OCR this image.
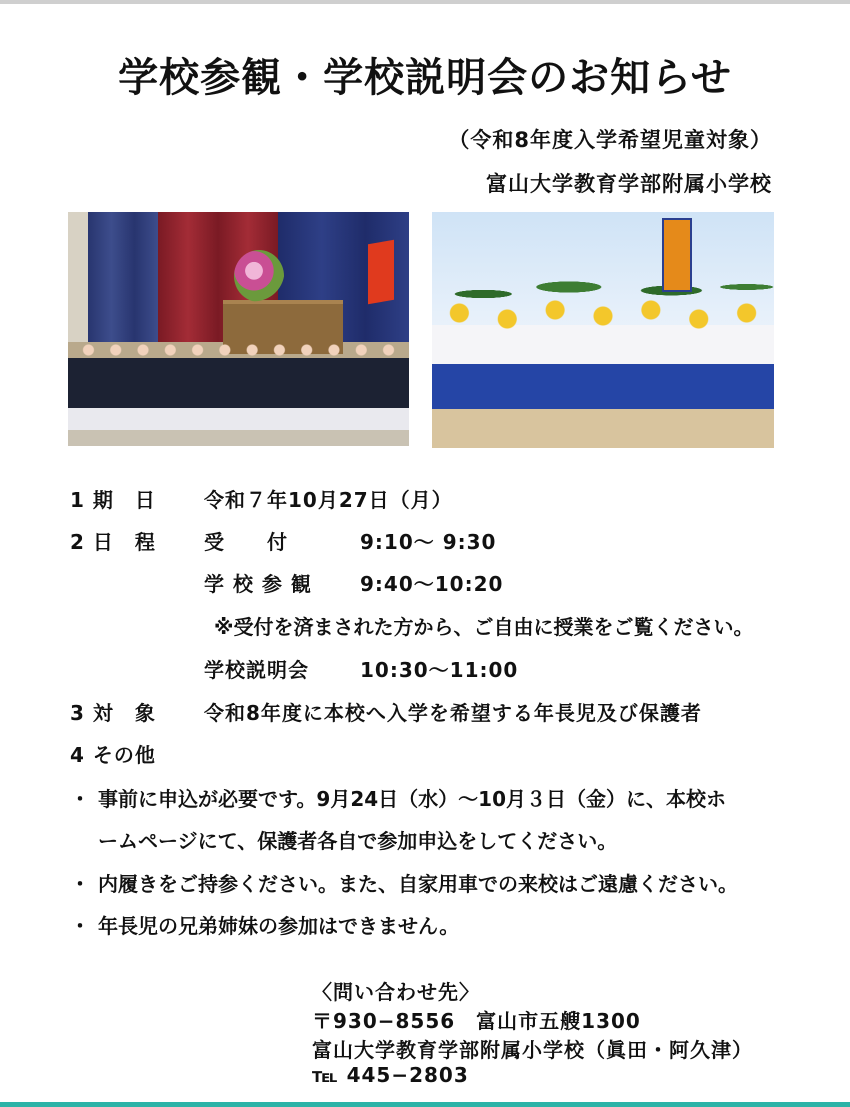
学校参観・学校説明会のお知らせ
（令和8年度入学希望児童対象）
富山大学教育学部附属小学校
1 期　日 令和７年10月27日（月）
2 日　程 受　　付	9:10～ 9:30
学 校 参 観 9:40～10:20
※受付を済まされた方から、ご自由に授業をご覧ください。
学校説明会	10:30～11:00
3 対　象 令和8年度に本校へ入学を希望する年長児及び保護者
4 その他
・ 事前に申込が必要です。9月24日（水）～10月３日（金）に、本校ホ
ームページにて、保護者各自で参加申込をしてください。
・ 内履きをご持参ください。また、自家用車での来校はご遠慮ください。
・ 年長児の兄弟姉妹の参加はできません。
〈問い合わせ先〉
〒930−8556　富山市五艘1300
富山大学教育学部附属小学校（眞田・阿久津）
℡ 445−2803
